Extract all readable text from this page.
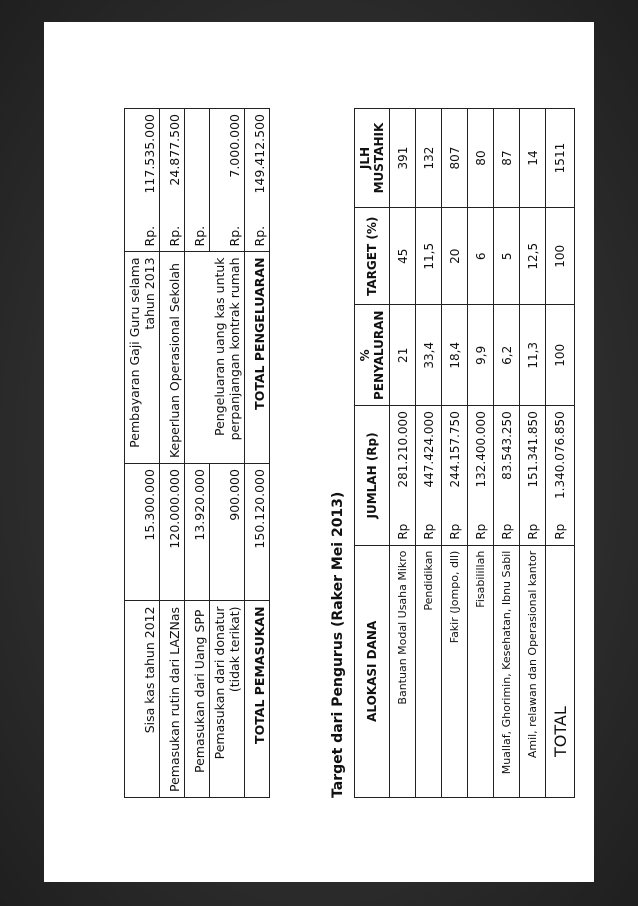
Sisa kas tahun 2012	15.300.000	Pembayaran Gaji Guru selama tahun 2013	Rp.	117.535.000
Pemasukan rutin dari LAZNas	120.000.000	Keperluan Operasional Sekolah	Rp.	24.877.500
Pemasukan dari Uang SPP	13.920.000	Pengeluaran uang kas untuk perpanjangan kontrak rumah	Rp.	
Pemasukan dari donatur (tidak terikat)	900.000		Rp.	7.000.000
TOTAL PEMASUKAN	150.120.000	TOTAL PENGELUARAN	Rp.	149.412.500
Target dari Pengurus (Raker Mei 2013) ALOKASI DANA	JUMLAH (Rp)		% PENYALURAN	TARGET (%)	JLH MUSTAHIK
Bantuan Modal Usaha Mikro	Rp	281.210.000	21	45	391
Pendidikan	Rp	447.424.000	33,4	11,5	132
Fakir (Jompo, dll)	Rp	244.157.750	18,4	20	807
Fisabilillah	Rp	132.400.000	9,9	6	80
Muallaf, Ghorimin, Kesehatan, Ibnu Sabil	Rp	83.543.250	6,2	5	87
Amil, relawan dan Operasional kantor	Rp	151.341.850	11,3	12,5	14
TOTAL	Rp	1.340.076.850	100	100	1511
